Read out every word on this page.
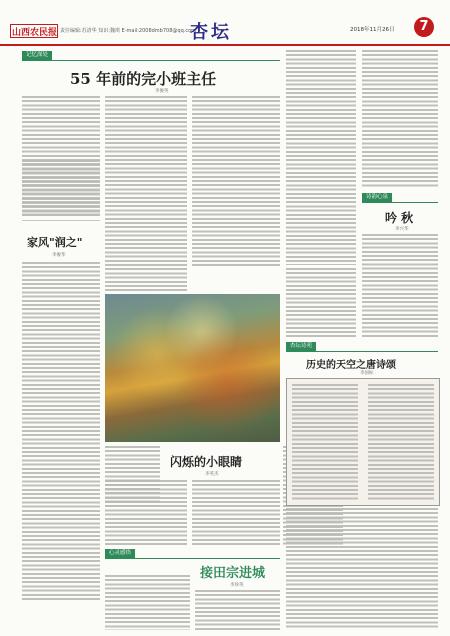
山西农民报 责任编辑:苏清华 知识:魏琪 E-mail:2008dmb708@qq.com
杏坛	2018年11月26日	7
记忆深处
55 年前的完小班主任
李俊英
家风"润之"
李俊华
闪烁的小眼睛
李英杰
诗韵心泉
吟 秋
李兴华
杏坛诗苑
历史的天空之唐诗颂
李国标
心灵感悟
接田宗进城
李珍英
